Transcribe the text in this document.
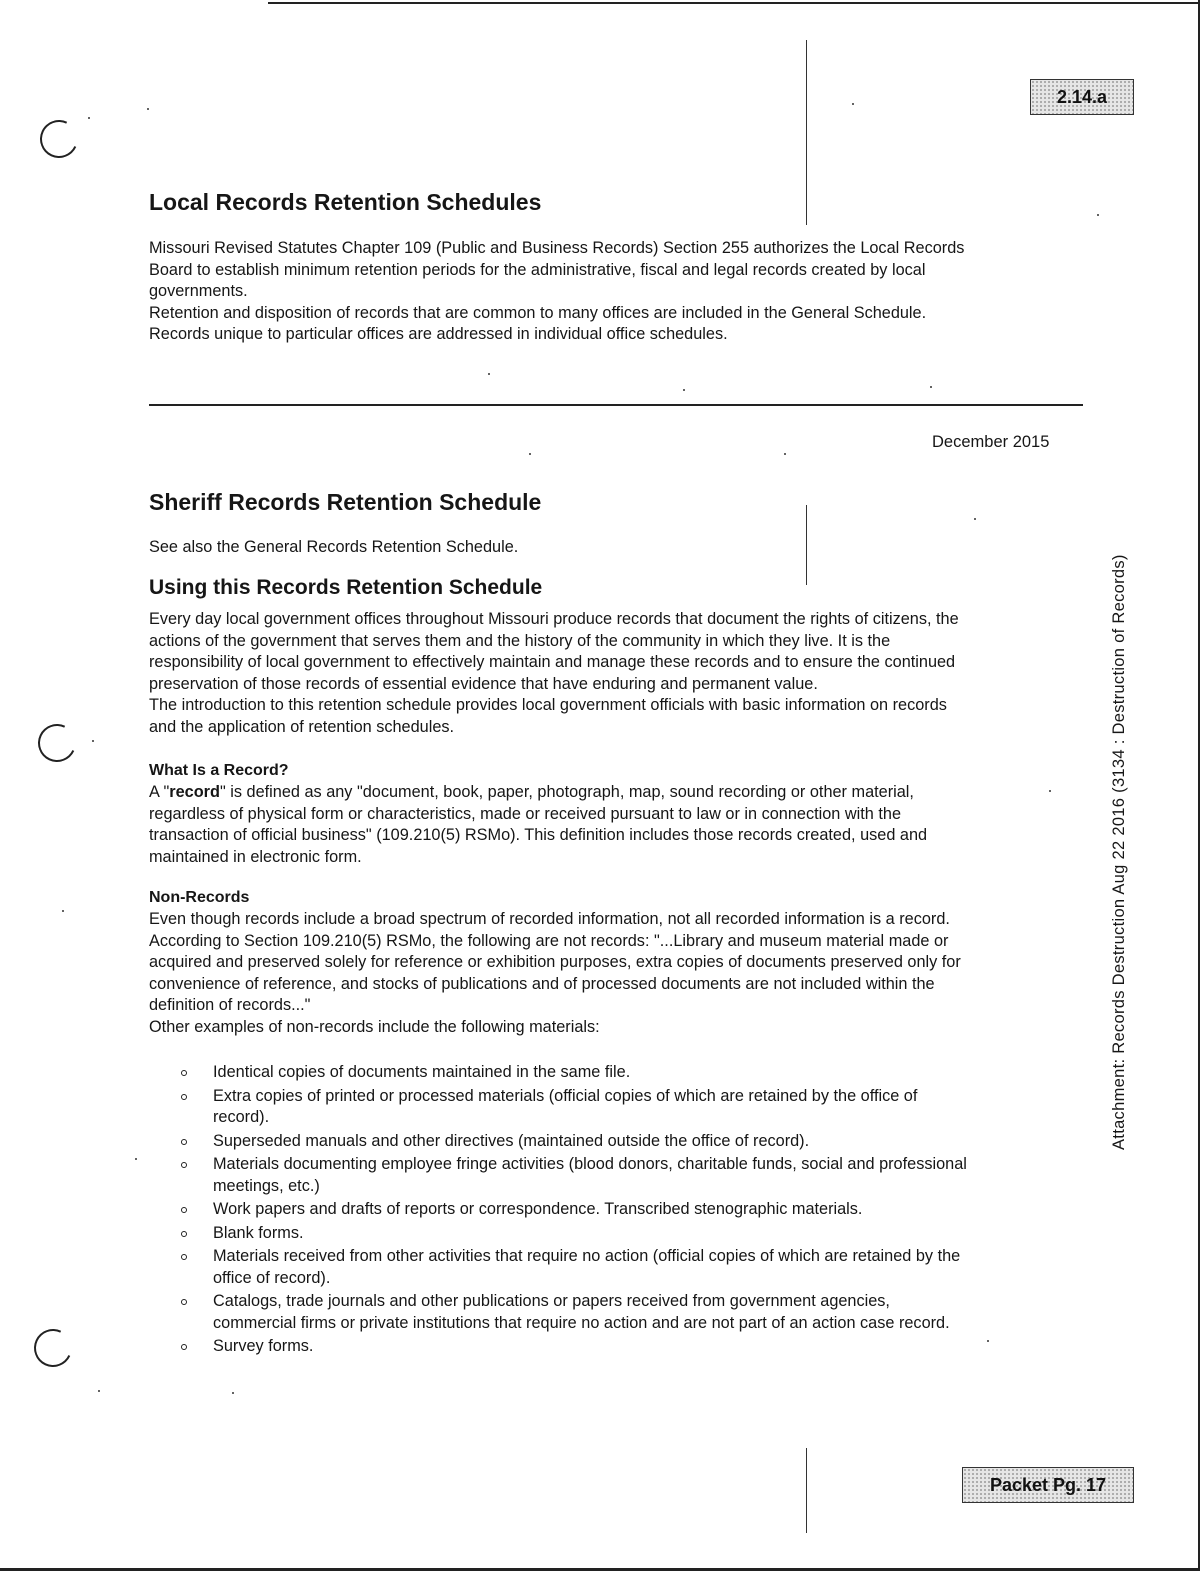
2.14.a
Packet Pg. 17
Attachment: Records Destruction Aug 22 2016 (3134 : Destruction of Records)
Local Records Retention Schedules

Missouri Revised Statutes Chapter 109 (Public and Business Records) Section 255 authorizes the Local Records
Board to establish minimum retention periods for the administrative, fiscal and legal records created by local
governments.
Retention and disposition of records that are common to many offices are included in the General Schedule.
Records unique to particular offices are addressed in individual office schedules.

December 2015
Sheriff Records Retention Schedule

See also the General Records Retention Schedule.

Using this Records Retention Schedule

Every day local government offices throughout Missouri produce records that document the rights of citizens, the
actions of the government that serves them and the history of the community in which they live. It is the
responsibility of local government to effectively maintain and manage these records and to ensure the continued
preservation of those records of essential evidence that have enduring and permanent value.
The introduction to this retention schedule provides local government officials with basic information on records
and the application of retention schedules.

What Is a Record?

A "record" is defined as any "document, book, paper, photograph, map, sound recording or other material,
regardless of physical form or characteristics, made or received pursuant to law or in connection with the
transaction of official business" (109.210(5) RSMo). This definition includes those records created, used and
maintained in electronic form.

Non-Records

Even though records include a broad spectrum of recorded information, not all recorded information is a record.
According to Section 109.210(5) RSMo, the following are not records: "...Library and museum material made or
acquired and preserved solely for reference or exhibition purposes, extra copies of documents preserved only for
convenience of reference, and stocks of publications and of processed documents are not included within the
definition of records..."
Other examples of non-records include the following materials:

Identical copies of documents maintained in the same file.
Extra copies of printed or processed materials (official copies of which are retained by the office of
record).
Superseded manuals and other directives (maintained outside the office of record).
Materials documenting employee fringe activities (blood donors, charitable funds, social and professional
meetings, etc.)
Work papers and drafts of reports or correspondence. Transcribed stenographic materials.
Blank forms.
Materials received from other activities that require no action (official copies of which are retained by the
office of record).
Catalogs, trade journals and other publications or papers received from government agencies,
commercial firms or private institutions that require no action and are not part of an action case record.
Survey forms.
